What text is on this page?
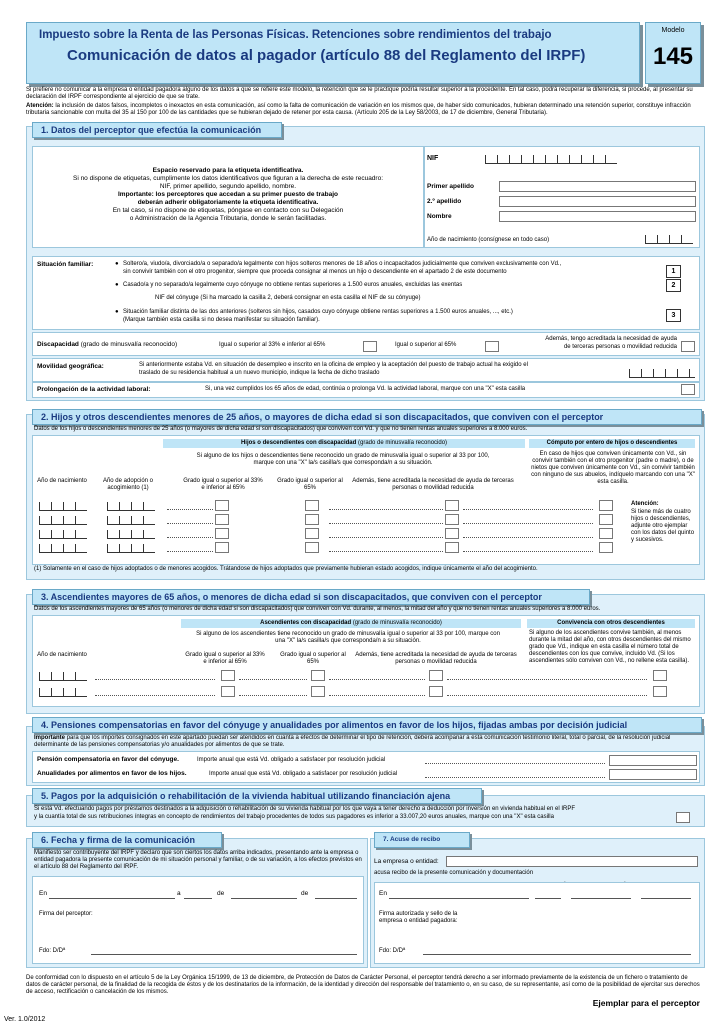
Impuesto sobre la Renta de las Personas Físicas. Retenciones sobre rendimientos del trabajo
Comunicación de datos al pagador (artículo 88 del Reglamento del IRPF)
Modelo
145
Si prefiere no comunicar a la empresa o entidad pagadora alguno de los datos a que se refiere este modelo, la retención que se le practique podría resultar superior a la procedente. En tal caso, podrá recuperar la diferencia, si procede, al presentar su declaración del IRPF correspondiente al ejercicio de que se trate.
Atención: la inclusión de datos falsos, incompletos o inexactos en esta comunicación, así como la falta de comunicación de variación en los mismos que, de haber sido comunicados, hubieran determinado una retención superior, constituye infracción tributaria sancionable con multa del 35 al 150 por 100 de las cantidades que se hubieran dejado de retener por esta causa. (Artículo 205 de la Ley 58/2003, de 17 de diciembre, General Tributaria).
1. Datos del perceptor que efectúa la comunicación
Espacio reservado para la etiqueta identificativa.
Si no dispone de etiquetas, cumplimente los datos identificativos que figuran a la derecha de este recuadro:
NIF, primer apellido, segundo apellido, nombre.
Importante: los perceptores que accedan a su primer puesto de trabajo
deberán adherir obligatoriamente la etiqueta identificativa.
En tal caso, si no dispone de etiquetas, póngase en contacto con su Delegación
o Administración de la Agencia Tributaria, donde le serán facilitadas.
NIF
Primer apellido
2.º apellido
Nombre
Año de nacimiento (consígnese en todo caso)
Situación familiar:	● Soltero/a, viudo/a, divorciado/a o separado/a legalmente con hijos solteros menores de 18 años o incapacitados judicialmente que conviven exclusivamente con Vd.,
sin convivir también con el otro progenitor, siempre que proceda consignar al menos un hijo o descendiente en el apartado 2 de este documento	1
● Casado/a y no separado/a legalmente cuyo cónyuge no obtiene rentas superiores a 1.500 euros anuales, excluidas las exentas	2
NIF del cónyuge (Si ha marcado la casilla 2, deberá consignar en esta casilla el NIF de su cónyuge)
● Situación familiar distinta de las dos anteriores (solteros sin hijos, casados cuyo cónyuge obtiene rentas superiores a 1.500 euros anuales, ..., etc.)
(Marque también esta casilla si no desea manifestar su situación familiar).
3
Discapacidad (grado de minusvalía reconocido)	Igual o superior al 33% e inferior al 65%	Igual o superior al 65%
Además, tengo acreditada la necesidad de ayuda
de terceras personas o movilidad reducida
Movilidad geográfica:	Si anteriormente estaba Vd. en situación de desempleo e inscrito en la oficina de empleo y la aceptación del puesto de trabajo actual ha exigido el
traslado de su residencia habitual a un nuevo municipio, indique la fecha de dicho traslado
Prolongación de la actividad laboral:	Si, una vez cumplidos los 65 años de edad, continúa o prolonga Vd. la actividad laboral, marque con una "X" esta casilla
2. Hijos y otros descendientes menores de 25 años, o mayores de dicha edad si son discapacitados, que conviven con el perceptor
Datos de los hijos o descendientes menores de 25 años (o mayores de dicha edad si son discapacitados) que conviven con Vd. y que no tienen rentas anuales superiores a 8.000 euros.
Hijos o descendientes con discapacidad (grado de minusvalía reconocido)	Cómputo por entero de hijos o descendientes
Si alguno de los hijos o descendientes tiene reconocido un grado de minusvalía igual o superior al 33 por 100, marque con una "X" la/s casilla/s que corresponda/n a su situación.
En caso de hijos que conviven únicamente con Vd., sin convivir también con el otro progenitor (padre o madre), o de nietos que conviven únicamente con Vd., sin convivir también con ninguno de sus abuelos, indíquelo marcando con una "X" esta casilla.
Año de nacimiento	Año de adopción o acogimiento (1)
Grado igual o superior al 33% e inferior al 65%
Grado igual o superior al 65%
Además, tiene acreditada la necesidad de ayuda de terceras personas o movilidad reducida
Atención:
Si tiene más de cuatro hijos o descendientes, adjunte otro ejemplar con los datos del quinto y sucesivos.
(1) Solamente en el caso de hijos adoptados o de menores acogidos. Trátandose de hijos adoptados que previamente hubieran estado acogidos, indique únicamente el año del acogimiento.
3. Ascendientes mayores de 65 años, o menores de dicha edad si son discapacitados, que conviven con el perceptor
Datos de los ascendientes mayores de 65 años (o menores de dicha edad si son discapacitados) que conviven con Vd. durante, al menos, la mitad del año y que no tienen rentas anuales superiores a 8.000 euros.
Ascendientes con discapacidad (grado de minusvalía reconocido)	Convivencia con otros descendientes
Si alguno de los ascendientes tiene reconocido un grado de minusvalía igual o superior al 33 por 100, marque con una "X" la/s casilla/s que corresponda/n a su situación.
Si alguno de los ascendientes convive también, al menos durante la mitad del año, con otros descendientes del mismo grado que Vd., indique en esta casilla el número total de descendientes con los que convive, incluido Vd. (Si los ascendientes sólo conviven con Vd., no rellene esta casilla).
Año de nacimiento	Grado igual o superior al 33% e inferior al 65%
Grado igual o superior al 65%
Además, tiene acreditada la necesidad de ayuda de terceras personas o movilidad reducida
4. Pensiones compensatorias en favor del cónyuge y anualidades por alimentos en favor de los hijos, fijadas ambas por decisión judicial
Importante para que los importes consignados en este apartado puedan ser atendidos en cuanta a efectos de determinar el tipo de retención, deberá acompañar a esta comunicación testimonio literal, total o parcial, de la resolución judicial determinante de las pensiones compensatorias y/o anualidades por alimentos de que se trate.
Pensión compensatoria en favor del cónyuge.	Importe anual que está Vd. obligado a satisfacer por resolución judicial
Anualidades por alimentos en favor de los hijos.	Importe anual que está Vd. obligado a satisfacer por resolución judicial
5. Pagos por la adquisición o rehabilitación de la vivienda habitual utilizando financiación ajena
Si está Vd. efectuando pagos por préstamos destinados a la adquisición o rehabilitación de su vivienda habitual por los que vaya a tener derecho a deducción por inversión en vivienda habitual en el IRPF
y la cuantía total de sus retribuciones íntegras en concepto de rendimientos del trabajo procedentes de todos sus pagadores es inferior a 33.007,20 euros anuales, marque con una "X" esta casilla
6. Fecha y firma de la comunicación
Manifiesto ser contribuyente del IRPF y declaro que son ciertos los datos arriba indicados, presentando ante la empresa o entidad pagadora la presente comunicación de mi situación personal y familiar, o de su variación, a los efectos previstos en el artículo 88 del Reglamento del IRPF.
En	a	de	de
Firma del perceptor:
Fdo: D/Dª
7. Acuse de recibo
La empresa o entidad:
acusa recibo de la presente comunicación y documentación
En
Firma autorizada y sello de la empresa o entidad pagadora:
Fdo: D/Dª
De conformidad con lo dispuesto en el artículo 5 de la Ley Orgánica 15/1999, de 13 de diciembre, de Protección de Datos de Carácter Personal, el perceptor tendrá derecho a ser informado previamente de la existencia de un fichero o tratamiento de datos de carácter personal, de la finalidad de la recogida de éstos y de los destinatarios de la información, de la identidad y dirección del responsable del tratamiento o, en su caso, de su representante, así como de la posibilidad de ejercitar sus derechos de acceso, rectificación o cancelación de los mismos.
Ejemplar para el perceptor
Ver. 1.0/2012
